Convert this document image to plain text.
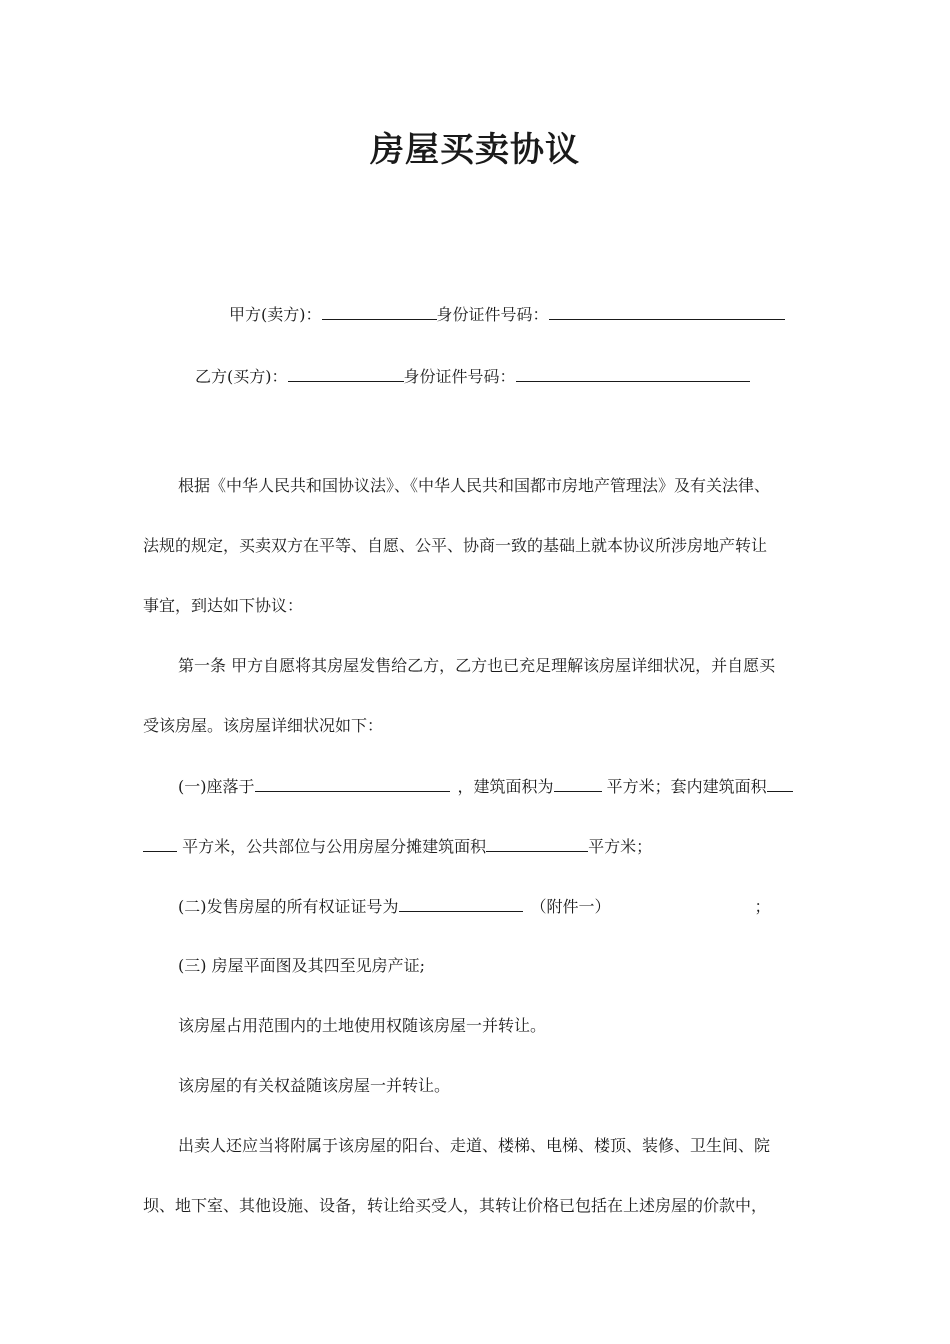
房屋买卖协议
甲方(卖方)：	身份证件号码：
乙方(买方)：	身份证件号码：
根据《中华人民共和国协议法》、《中华人民共和国都市房地产管理法》及有关法律、
法规的规定，买卖双方在平等、自愿、公平、协商一致的基础上就本协议所涉房地产转让
事宜，到达如下协议：
第一条 甲方自愿将其房屋发售给乙方，乙方也已充足理解该房屋详细状况，并自愿买
受该房屋。该房屋详细状况如下：
(一)座落于	，建筑面积为	平方米；套内建筑面积
平方米，公共部位与公用房屋分摊建筑面积	平方米；
(二)发售房屋的所有权证证号为	（附件一）	；
(三) 房屋平面图及其四至见房产证;
该房屋占用范围内的土地使用权随该房屋一并转让。
该房屋的有关权益随该房屋一并转让。
出卖人还应当将附属于该房屋的阳台、走道、楼梯、电梯、楼顶、装修、卫生间、院
坝、地下室、其他设施、设备，转让给买受人，其转让价格已包括在上述房屋的价款中，
